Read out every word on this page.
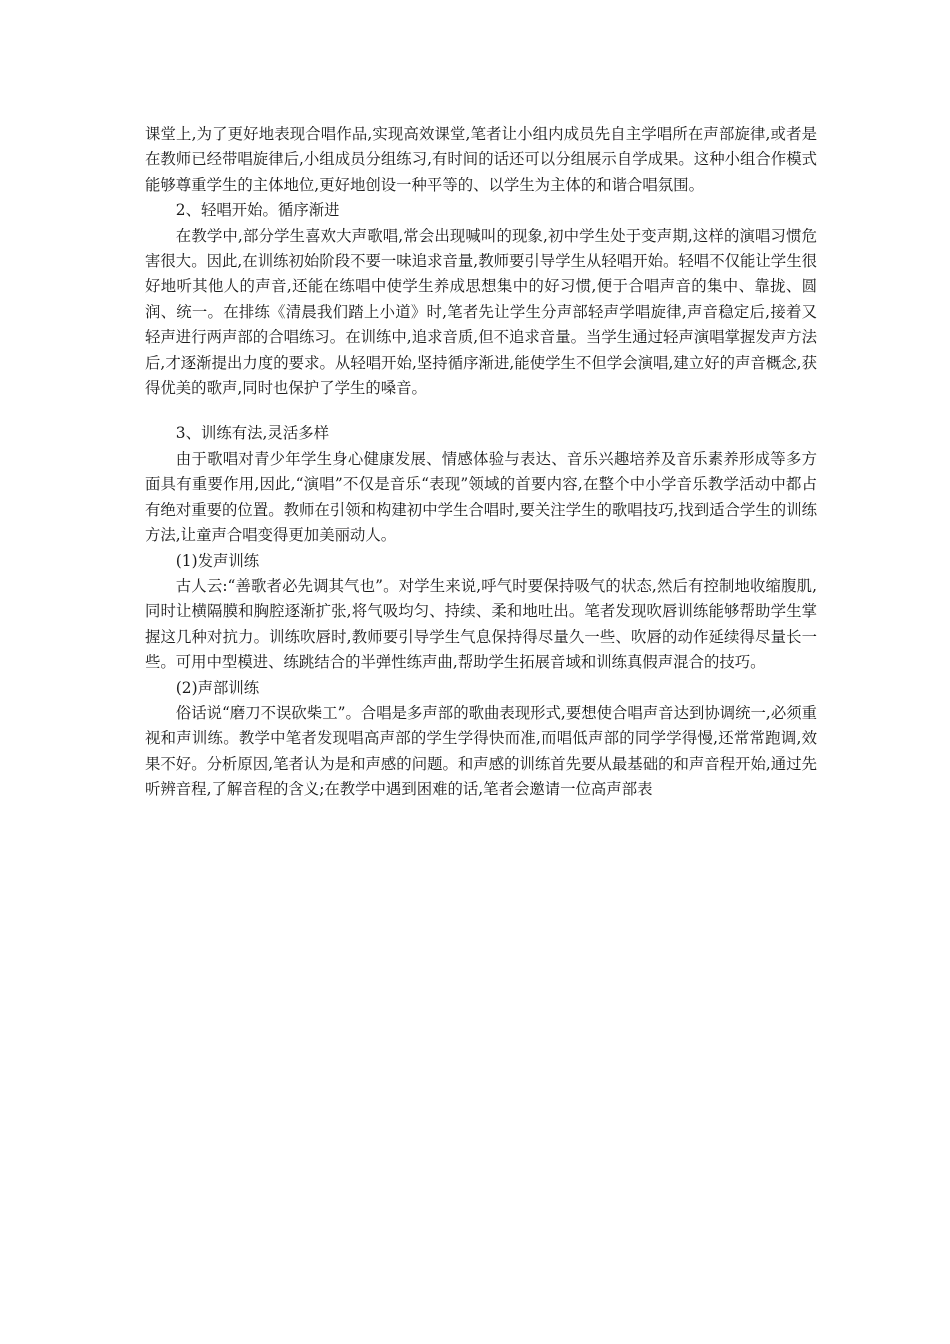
课堂上,为了更好地表现合唱作品,实现高效课堂,笔者让小组内成员先自主学唱所在声部旋律,或者是在教师已经带唱旋律后,小组成员分组练习,有时间的话还可以分组展示自学成果。这种小组合作模式能够尊重学生的主体地位,更好地创设一种平等的、以学生为主体的和谐合唱氛围。

2、轻唱开始。循序渐进

在教学中,部分学生喜欢大声歌唱,常会出现喊叫的现象,初中学生处于变声期,这样的演唱习惯危害很大。因此,在训练初始阶段不要一味追求音量,教师要引导学生从轻唱开始。轻唱不仅能让学生很好地听其他人的声音,还能在练唱中使学生养成思想集中的好习惯,便于合唱声音的集中、靠拢、圆润、统一。在排练《清晨我们踏上小道》时,笔者先让学生分声部轻声学唱旋律,声音稳定后,接着又轻声进行两声部的合唱练习。在训练中,追求音质,但不追求音量。当学生通过轻声演唱掌握发声方法后,才逐渐提出力度的要求。从轻唱开始,坚持循序渐进,能使学生不但学会演唱,建立好的声音概念,获得优美的歌声,同时也保护了学生的嗓音。

3、训练有法,灵活多样

由于歌唱对青少年学生身心健康发展、情感体验与表达、音乐兴趣培养及音乐素养形成等多方面具有重要作用,因此,“演唱”不仅是音乐“表现”领域的首要内容,在整个中小学音乐教学活动中都占有绝对重要的位置。教师在引领和构建初中学生合唱时,要关注学生的歌唱技巧,找到适合学生的训练方法,让童声合唱变得更加美丽动人。

(1)发声训练

古人云:“善歌者必先调其气也”。对学生来说,呼气时要保持吸气的状态,然后有控制地收缩腹肌,同时让横隔膜和胸腔逐渐扩张,将气吸均匀、持续、柔和地吐出。笔者发现吹唇训练能够帮助学生掌握这几种对抗力。训练吹唇时,教师要引导学生气息保持得尽量久一些、吹唇的动作延续得尽量长一些。可用中型模进、练跳结合的半弹性练声曲,帮助学生拓展音域和训练真假声混合的技巧。

(2)声部训练

俗话说“磨刀不误砍柴工”。合唱是多声部的歌曲表现形式,要想使合唱声音达到协调统一,必须重视和声训练。教学中笔者发现唱高声部的学生学得快而准,而唱低声部的同学学得慢,还常常跑调,效果不好。分析原因,笔者认为是和声感的问题。和声感的训练首先要从最基础的和声音程开始,通过先听辨音程,了解音程的含义;在教学中遇到困难的话,笔者会邀请一位高声部表
